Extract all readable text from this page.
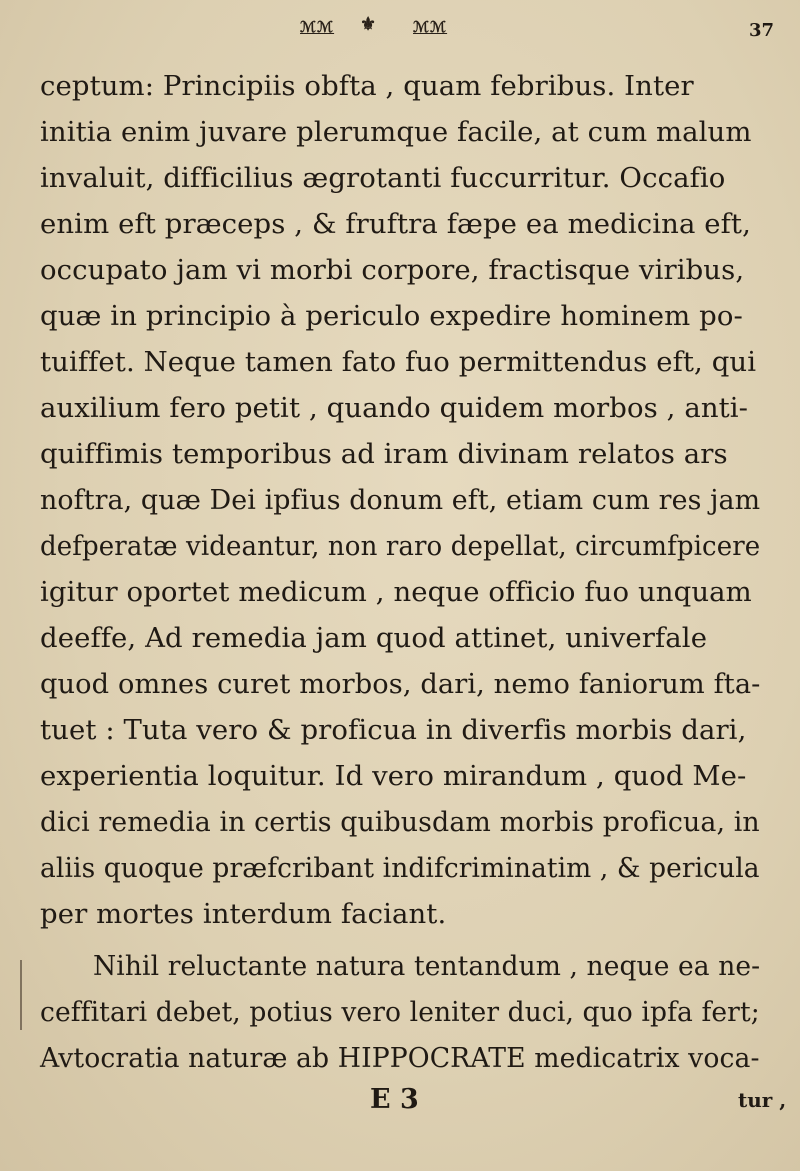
ℳℳ ⚜ ℳℳ	37
ceptum: Principiis obfta , quam febribus. Inter
initia enim juvare plerumque facile, at cum malum
invaluit, difficilius ægrotanti fuccurritur. Occafio
enim eft præceps , & fruftra fæpe ea medicina eft,
occupato jam vi morbi corpore, fractisque viribus,
quæ in principio à periculo expedire hominem po-
tuiffet. Neque tamen fato fuo permittendus eft, qui
auxilium fero petit , quando quidem morbos , anti-
quiffimis temporibus ad iram divinam relatos ars
noftra, quæ Dei ipfius donum eft, etiam cum res jam
defperatæ videantur, non raro depellat, circumfpicere
igitur oportet medicum , neque officio fuo unquam
deeffe, Ad remedia jam quod attinet, univerfale
quod omnes curet morbos, dari, nemo faniorum fta-
tuet : Tuta vero & proficua in diverfis morbis dari,
experientia loquitur. Id vero mirandum , quod Me-
dici remedia in certis quibusdam morbis proficua, in
aliis quoque præfcribant indifcriminatim , & pericula
per mortes interdum faciant.
Nihil reluctante natura tentandum , neque ea ne-
ceffitari debet, potius vero leniter duci, quo ipfa fert;
Avtocratia naturæ ab HIPPOCRATE medicatrix voca-
E 3	tur ,
